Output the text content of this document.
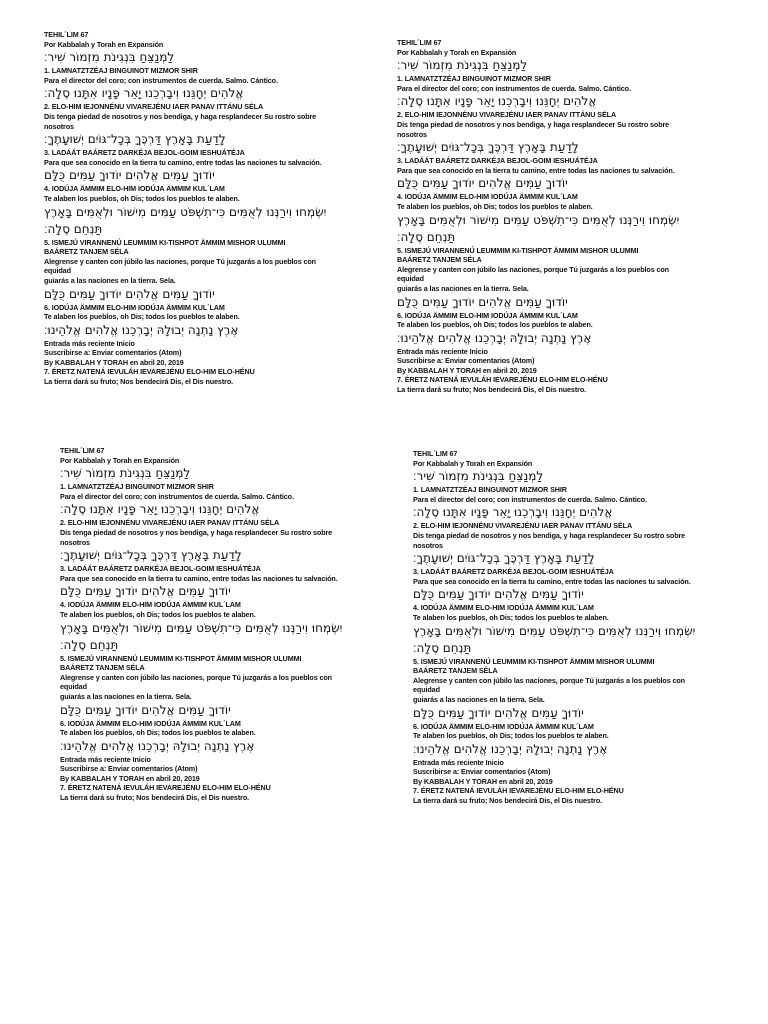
TEHIL´LIM 67
Por Kabbalah y Torah en Expansión
לַמְנַצֵּחַ בִּנְגִינֹת מִזְמוֹר שִׁיר׃
1. LAMNATZTZÉAJ BINGUINOT MIZMOR SHIR
Para el director del coro; con instrumentos de cuerda. Salmo. Cántico.
אֱלֹהִים יְחָנֵּנוּ וִיבָרְכֵנוּ יָאֵר פָּנָיו אִתָּנוּ סֶלָה׃
2. ELO-HIM IEJONNÉNU VIVAREJÉNU IAER PANAV ITTÁNU SÉLA
Dis tenga piedad de nosotros y nos bendiga, y haga resplandecer Su rostro sobre
nosotros
לָדַעַת בָּאָרֶץ דַּרְכֶּךָ בְּכָל־גּוֹיִם יְשׁוּעָתֶךָ׃
3. LADÁÁT BAÁRETZ DARKÉJA BEJOL-GOIM IESHUÁTÉJA
Para que sea conocido en la tierra tu camino, entre todas las naciones tu salvación.
יוֹדוּךָ עַמִּים אֱלֹהִים יוֹדוּךָ עַמִּים כֻּלָּם
4. IODÚJA ÄMMIM ELO-HIM IODÚJA ÄMMIM KUL´LAM
Te alaben los pueblos, oh Dis; todos los pueblos te alaben.
יִשְׂמְחוּ וִירַנְּנוּ לְאֻמִּים כִּי־תִשְׁפֹּט עַמִּים מִישׁוֹר וּלְאֻמִּים בָּאָרֶץ
תַּנְחֵם סֶלָה׃
5. ISMEJÚ VIRANNENÚ LEUMMIM KI-TISHPOT ÄMMIM MISHOR ULUMMI
BAÁRETZ TANJEM SÉLA
Alegrense y canten con júbilo las naciones, porque Tú juzgarás a los pueblos con
equidad
guiarás a las naciones en la tierra. Sela.
יוֹדוּךָ עַמִּים אֱלֹהִים יוֹדוּךָ עַמִּים כֻּלָּם
6. IODÚJA ÄMMIM ELO-HIM IODÚJA ÄMMIM KUL´LAM
Te alaben los pueblos, oh Dis; todos los pueblos te alaben.
אֶרֶץ נָתְנָה יְבוּלָהּ יְבָרְכֵנוּ אֱלֹהִים אֱלֹהֵינוּ׃
Entrada más reciente Inicio
Suscribirse a: Enviar comentarios (Atom)
By KABBALAH Y TORAH en abril 20, 2019
7. ÉRETZ NATENÁ IEVULÁH IEVAREJÉNU ELO-HIM ELO-HÉNU
La tierra dará su fruto; Nos bendecirá Dis, el Dis nuestro.
TEHIL´LIM 67
Por Kabbalah y Torah en Expansión
לַמְנַצֵּחַ בִּנְגִינֹת מִזְמוֹר שִׁיר׃
1. LAMNATZTZÉAJ BINGUINOT MIZMOR SHIR
Para el director del coro; con instrumentos de cuerda. Salmo. Cántico.
אֱלֹהִים יְחָנֵּנוּ וִיבָרְכֵנוּ יָאֵר פָּנָיו אִתָּנוּ סֶלָה׃
2. ELO-HIM IEJONNÉNU VIVAREJÉNU IAER PANAV ITTÁNU SÉLA
Dis tenga piedad de nosotros y nos bendiga, y haga resplandecer Su rostro sobre
nosotros
לָדַעַת בָּאָרֶץ דַּרְכֶּךָ בְּכָל־גּוֹיִם יְשׁוּעָתֶךָ׃
3. LADÁÁT BAÁRETZ DARKÉJA BEJOL-GOIM IESHUÁTÉJA
Para que sea conocido en la tierra tu camino, entre todas las naciones tu salvación.
יוֹדוּךָ עַמִּים אֱלֹהִים יוֹדוּךָ עַמִּים כֻּלָּם
4. IODÚJA ÄMMIM ELO-HIM IODÚJA ÄMMIM KUL´LAM
Te alaben los pueblos, oh Dis; todos los pueblos te alaben.
יִשְׂמְחוּ וִירַנְּנוּ לְאֻמִּים כִּי־תִשְׁפֹּט עַמִּים מִישׁוֹר וּלְאֻמִּים בָּאָרֶץ
תַּנְחֵם סֶלָה׃
5. ISMEJÚ VIRANNENÚ LEUMMIM KI-TISHPOT ÄMMIM MISHOR ULUMMI
BAÁRETZ TANJEM SÉLA
Alegrense y canten con júbilo las naciones, porque Tú juzgarás a los pueblos con
equidad
guiarás a las naciones en la tierra. Sela.
יוֹדוּךָ עַמִּים אֱלֹהִים יוֹדוּךָ עַמִּים כֻּלָּם
6. IODÚJA ÄMMIM ELO-HIM IODÚJA ÄMMIM KUL´LAM
Te alaben los pueblos, oh Dis; todos los pueblos te alaben.
אֶרֶץ נָתְנָה יְבוּלָהּ יְבָרְכֵנוּ אֱלֹהִים אֱלֹהֵינוּ׃
Entrada más reciente Inicio
Suscribirse a: Enviar comentarios (Atom)
By KABBALAH Y TORAH en abril 20, 2019
7. ÉRETZ NATENÁ IEVULÁH IEVAREJÉNU ELO-HIM ELO-HÉNU
La tierra dará su fruto; Nos bendecirá Dis, el Dis nuestro.
TEHIL´LIM 67
Por Kabbalah y Torah en Expansión
לַמְנַצֵּחַ בִּנְגִינֹת מִזְמוֹר שִׁיר׃
1. LAMNATZTZÉAJ BINGUINOT MIZMOR SHIR
Para el director del coro; con instrumentos de cuerda. Salmo. Cántico.
אֱלֹהִים יְחָנֵּנוּ וִיבָרְכֵנוּ יָאֵר פָּנָיו אִתָּנוּ סֶלָה׃
2. ELO-HIM IEJONNÉNU VIVAREJÉNU IAER PANAV ITTÁNU SÉLA
Dis tenga piedad de nosotros y nos bendiga, y haga resplandecer Su rostro sobre
nosotros
לָדַעַת בָּאָרֶץ דַּרְכֶּךָ בְּכָל־גּוֹיִם יְשׁוּעָתֶךָ׃
3. LADÁÁT BAÁRETZ DARKÉJA BEJOL-GOIM IESHUÁTÉJA
Para que sea conocido en la tierra tu camino, entre todas las naciones tu salvación.
יוֹדוּךָ עַמִּים אֱלֹהִים יוֹדוּךָ עַמִּים כֻּלָּם
4. IODÚJA ÄMMIM ELO-HIM IODÚJA ÄMMIM KUL´LAM
Te alaben los pueblos, oh Dis; todos los pueblos te alaben.
יִשְׂמְחוּ וִירַנְּנוּ לְאֻמִּים כִּי־תִשְׁפֹּט עַמִּים מִישׁוֹר וּלְאֻמִּים בָּאָרֶץ
תַּנְחֵם סֶלָה׃
5. ISMEJÚ VIRANNENÚ LEUMMIM KI-TISHPOT ÄMMIM MISHOR ULUMMI
BAÁRETZ TANJEM SÉLA
Alegrense y canten con júbilo las naciones, porque Tú juzgarás a los pueblos con
equidad
guiarás a las naciones en la tierra. Sela.
יוֹדוּךָ עַמִּים אֱלֹהִים יוֹדוּךָ עַמִּים כֻּלָּם
6. IODÚJA ÄMMIM ELO-HIM IODÚJA ÄMMIM KUL´LAM
Te alaben los pueblos, oh Dis; todos los pueblos te alaben.
אֶרֶץ נָתְנָה יְבוּלָהּ יְבָרְכֵנוּ אֱלֹהִים אֱלֹהֵינוּ׃
Entrada más reciente Inicio
Suscribirse a: Enviar comentarios (Atom)
By KABBALAH Y TORAH en abril 20, 2019
7. ÉRETZ NATENÁ IEVULÁH IEVAREJÉNU ELO-HIM ELO-HÉNU
La tierra dará su fruto; Nos bendecirá Dis, el Dis nuestro.
TEHIL´LIM 67
Por Kabbalah y Torah en Expansión
לַמְנַצֵּחַ בִּנְגִינֹת מִזְמוֹר שִׁיר׃
1. LAMNATZTZÉAJ BINGUINOT MIZMOR SHIR
Para el director del coro; con instrumentos de cuerda. Salmo. Cántico.
אֱלֹהִים יְחָנֵּנוּ וִיבָרְכֵנוּ יָאֵר פָּנָיו אִתָּנוּ סֶלָה׃
2. ELO-HIM IEJONNÉNU VIVAREJÉNU IAER PANAV ITTÁNU SÉLA
Dis tenga piedad de nosotros y nos bendiga, y haga resplandecer Su rostro sobre
nosotros
לָדַעַת בָּאָרֶץ דַּרְכֶּךָ בְּכָל־גּוֹיִם יְשׁוּעָתֶךָ׃
3. LADÁÁT BAÁRETZ DARKÉJA BEJOL-GOIM IESHUÁTÉJA
Para que sea conocido en la tierra tu camino, entre todas las naciones tu salvación.
יוֹדוּךָ עַמִּים אֱלֹהִים יוֹדוּךָ עַמִּים כֻּלָּם
4. IODÚJA ÄMMIM ELO-HIM IODÚJA ÄMMIM KUL´LAM
Te alaben los pueblos, oh Dis; todos los pueblos te alaben.
יִשְׂמְחוּ וִירַנְּנוּ לְאֻמִּים כִּי־תִשְׁפֹּט עַמִּים מִישׁוֹר וּלְאֻמִּים בָּאָרֶץ
תַּנְחֵם סֶלָה׃
5. ISMEJÚ VIRANNENÚ LEUMMIM KI-TISHPOT ÄMMIM MISHOR ULUMMI
BAÁRETZ TANJEM SÉLA
Alegrense y canten con júbilo las naciones, porque Tú juzgarás a los pueblos con
equidad
guiarás a las naciones en la tierra. Sela.
יוֹדוּךָ עַמִּים אֱלֹהִים יוֹדוּךָ עַמִּים כֻּלָּם
6. IODÚJA ÄMMIM ELO-HIM IODÚJA ÄMMIM KUL´LAM
Te alaben los pueblos, oh Dis; todos los pueblos te alaben.
אֶרֶץ נָתְנָה יְבוּלָהּ יְבָרְכֵנוּ אֱלֹהִים אֱלֹהֵינוּ׃
Entrada más reciente Inicio
Suscribirse a: Enviar comentarios (Atom)
By KABBALAH Y TORAH en abril 20, 2019
7. ÉRETZ NATENÁ IEVULÁH IEVAREJÉNU ELO-HIM ELO-HÉNU
La tierra dará su fruto; Nos bendecirá Dis, el Dis nuestro.
